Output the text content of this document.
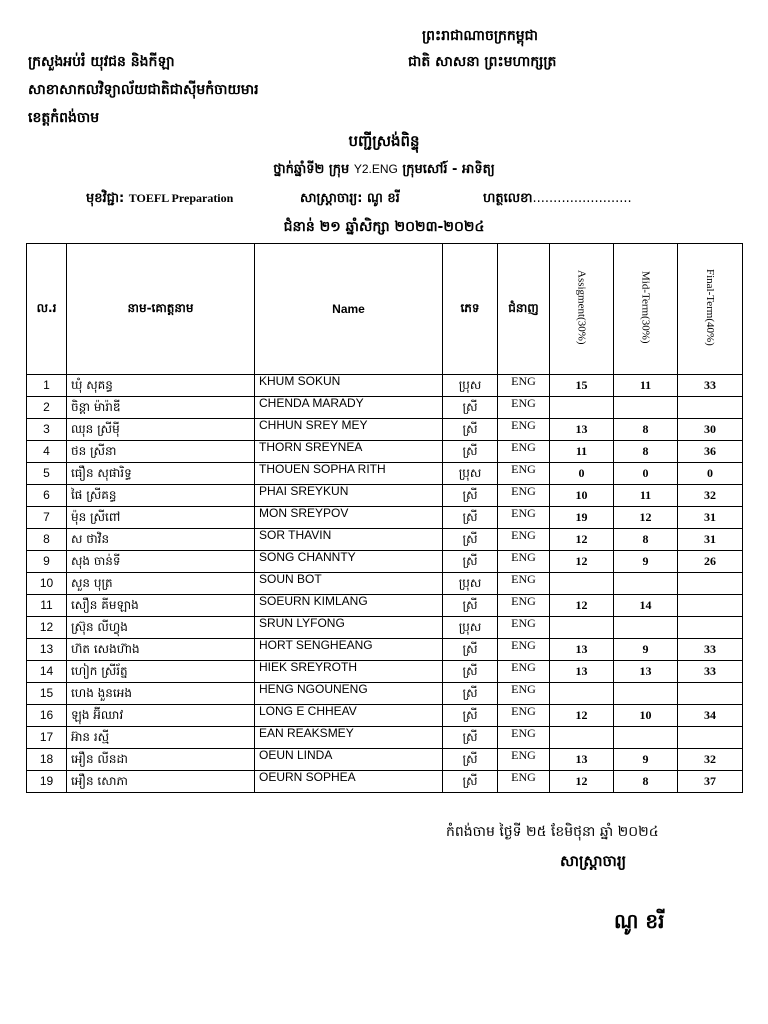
ព្រះរាជាណាចក្រកម្ពុជា
ក្រសួងអប់រំ យុវជន និងកីឡា	ជាតិ សាសនា ព្រះមហាក្សត្រ
សាខាសាកលវិទ្យាល័យជាតិជាស៊ីមកំចាយមារ
ខេត្តកំពង់ចាម
បញ្ជីស្រង់ពិន្ទុ
ថ្នាក់ឆ្នាំទី២ ក្រុម Y2.ENG ក្រុមសៅរ៍ - អាទិត្យ
មុខវិជ្ជា: TOEFL Preparation	សាស្ត្រាចារ្យ: ណូ ខរី	ហត្ថលេខា........................
ជំនាន់ ២១ ឆ្នាំសិក្សា ២០២៣-២០២៤
ល.រ	នាម-គោត្តនាម	Name	ភេទ	ជំនាញ	Assigment(30%)	Mid-Term(30%)	Final-Term(40%)
1	ឃុំ សុគន្ធ	KHUM SOKUN	ប្រុស	ENG	15	11	33
2	ចិន្តា ម៉ារ៉ាឌី	CHENDA MARADY	ស្រី	ENG			
3	ឈុន ស្រីម៉ី	CHHUN SREY MEY	ស្រី	ENG	13	8	30
4	ថន ស្រីនា	THORN SREYNEA	ស្រី	ENG	11	8	36
5	ធឿន សុផារិទ្ធ	THOUEN SOPHA RITH	ប្រុស	ENG	0	0	0
6	ផៃ ស្រីគន្ធ	PHAI SREYKUN	ស្រី	ENG	10	11	32
7	ម៉ុន ស្រីពៅ	MON SREYPOV	ស្រី	ENG	19	12	31
8	ស ថាវិន	SOR THAVIN	ស្រី	ENG	12	8	31
9	សុង ចាន់ទី	SONG CHANNTY	ស្រី	ENG	12	9	26
10	សួន បុត្រ	SOUN BOT	ប្រុស	ENG			
11	សឿន គីមឡាង	SOEURN KIMLANG	ស្រី	ENG	12	14	
12	ស្រ៊ុន លីហ្វុង	SRUN LYFONG	ប្រុស	ENG			
13	ហ៊ត សេងហ៊ាង	HORT SENGHEANG	ស្រី	ENG	13	9	33
14	ហៀក ស្រីរ័ត្ន	HIEK SREYROTH	ស្រី	ENG	13	13	33
15	ហេង ងួនអេង	HENG NGOUNENG	ស្រី	ENG			
16	ឡុង អ៊ីឈាវ	LONG E CHHEAV	ស្រី	ENG	12	10	34
17	អ៊ាន រស្មី	EAN REAKSMEY	ស្រី	ENG			
18	អឿន លីនដា	OEUN LINDA	ស្រី	ENG	13	9	32
19	អឿន សោភា	OEURN SOPHEA	ស្រី	ENG	12	8	37
កំពង់ចាម ថ្ងៃទី ២៥ ខែមិថុនា ឆ្នាំ ២០២៤
សាស្ត្រាចារ្យ
ណូ ខរី
